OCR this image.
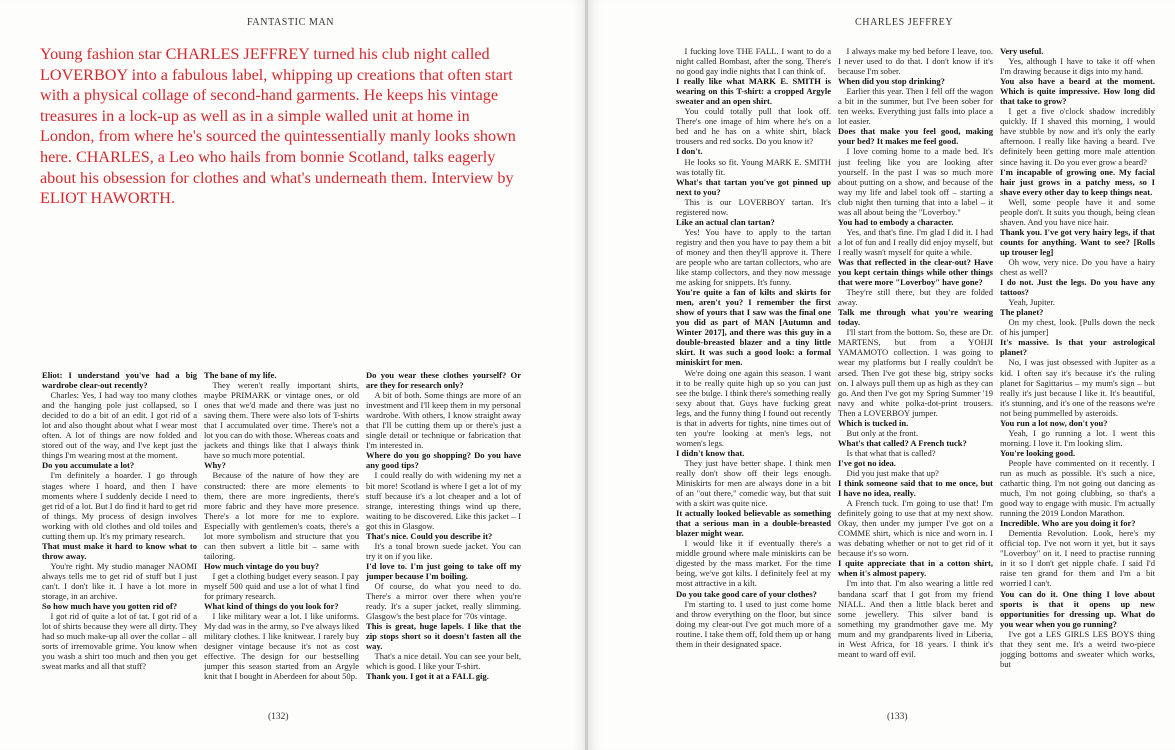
FANTASTIC MAN
Young fashion star CHARLES JEFFREY turned his club night called LOVERBOY into a fabulous label, whipping up creations that often start with a physical collage of second-hand garments. He keeps his vintage treasures in a lock-up as well as in a simple walled unit at home in London, from where he's sourced the quintessentially manly looks shown here. CHARLES, a Leo who hails from bonnie Scotland, talks eagerly about his obsession for clothes and what's underneath them. Interview by ELIOT HAWORTH.

Eliot: I understand you've had a big wardrobe clear-out recently?

Charles: Yes, I had way too many clothes and the hanging pole just collapsed, so I decided to do a bit of an edit. I got rid of a lot and also thought about what I wear most often. A lot of things are now folded and stored out of the way, and I've kept just the things I'm wearing most at the moment.

Do you accumulate a lot?

I'm definitely a hoarder. I go through stages where I hoard, and then I have moments where I suddenly decide I need to get rid of a lot. But I do find it hard to get rid of things. My process of design involves working with old clothes and old toiles and cutting them up. It's my primary research.

That must make it hard to know what to throw away.

You're right. My studio manager NAOMI always tells me to get rid of stuff but I just can't. I don't like it. I have a lot more in storage, in an archive.

So how much have you gotten rid of?

I got rid of quite a lot of tat. I got rid of a lot of shirts because they were all dirty. They had so much make-up all over the collar – all sorts of irremovable grime. You know when you wash a shirt too much and then you get sweat marks and all that stuff?

The bane of my life.

They weren't really important shirts, maybe PRIMARK or vintage ones, or old ones that we'd made and there was just no saving them. There were also lots of T-shirts that I accumulated over time. There's not a lot you can do with those. Whereas coats and jackets and things like that I always think have so much more potential.

Why?

Because of the nature of how they are constructed: there are more elements to them, there are more ingredients, there's more fabric and they have more presence. There's a lot more for me to explore. Especially with gentlemen's coats, there's a lot more symbolism and structure that you can then subvert a little bit – same with tailoring.

How much vintage do you buy?

I get a clothing budget every season. I pay myself 500 quid and use a lot of what I find for primary research.

What kind of things do you look for?

I like military wear a lot. I like uniforms. My dad was in the army, so I've always liked military clothes. I like knitwear. I rarely buy designer vintage because it's not as cost effective. The design for our bestselling jumper this season started from an Argyle knit that I bought in Aberdeen for about 50p.

Do you wear these clothes yourself? Or are they for research only?

A bit of both. Some things are more of an investment and I'll keep them in my personal wardrobe. With others, I know straight away that I'll be cutting them up or there's just a single detail or technique or fabrication that I'm interested in.

Where do you go shopping? Do you have any good tips?

I could really do with widening my net a bit more! Scotland is where I get a lot of my stuff because it's a lot cheaper and a lot of strange, interesting things wind up there, waiting to be discovered. Like this jacket – I got this in Glasgow.

That's nice. Could you describe it?

It's a tonal brown suede jacket. You can try it on if you like.

I'd love to. I'm just going to take off my jumper because I'm boiling.

Of course, do what you need to do. There's a mirror over there when you're ready. It's a super jacket, really slimming. Glasgow's the best place for '70s vintage.

This is great, huge lapels. I like that the zip stops short so it doesn't fasten all the way.

That's a nice detail. You can see your belt, which is good. I like your T-shirt.

Thank you. I got it at a FALL gig.

(132)
CHARLES JEFFREY

I fucking love THE FALL. I want to do a night called Bombast, after the song. There's no good gay indie nights that I can think of.

I really like what MARK E. SMITH is wearing on this T-shirt: a cropped Argyle sweater and an open shirt.

You could totally pull that look off. There's one image of him where he's on a bed and he has on a white shirt, black trousers and red socks. Do you know it?

I don't.

He looks so fit. Young MARK E. SMITH was totally fit.

What's that tartan you've got pinned up next to you?

This is our LOVERBOY tartan. It's registered now.

Like an actual clan tartan?

Yes! You have to apply to the tartan registry and then you have to pay them a bit of money and then they'll approve it. There are people who are tartan collectors, who are like stamp collectors, and they now message me asking for snippets. It's funny.

You're quite a fan of kilts and skirts for men, aren't you? I remember the first show of yours that I saw was the final one you did as part of MAN [Autumn and Winter 2017], and there was this guy in a double-breasted blazer and a tiny little skirt. It was such a good look: a formal miniskirt for men.

We're doing one again this season. I want it to be really quite high up so you can just see the bulge. I think there's something really sexy about that. Guys have fucking great legs, and the funny thing I found out recently is that in adverts for tights, nine times out of ten you're looking at men's legs, not women's legs.

I didn't know that.

They just have better shape. I think men really don't show off their legs enough. Miniskirts for men are always done in a bit of an "out there," comedic way, but that suit with a skirt was quite nice.

It actually looked believable as something that a serious man in a double-breasted blazer might wear.

I would like it if eventually there's a middle ground where male miniskirts can be digested by the mass market. For the time being, we've got kilts. I definitely feel at my most attractive in a kilt.

Do you take good care of your clothes?

I'm starting to. I used to just come home and throw everything on the floor, but since doing my clear-out I've got much more of a routine. I take them off, fold them up or hang them in their designated space.

I always make my bed before I leave, too. I never used to do that. I don't know if it's because I'm sober.

When did you stop drinking?

Earlier this year. Then I fell off the wagon a bit in the summer, but I've been sober for ten weeks. Everything just falls into place a lot easier.

Does that make you feel good, making your bed? It makes me feel good.

I love coming home to a made bed. It's just feeling like you are looking after yourself. In the past I was so much more about putting on a show, and because of the way my life and label took off – starting a club night then turning that into a label – it was all about being the "Loverboy."

You had to embody a character.

Yes, and that's fine. I'm glad I did it. I had a lot of fun and I really did enjoy myself, but I really wasn't myself for quite a while.

Was that reflected in the clear-out? Have you kept certain things while other things that were more "Loverboy" have gone?

They're still there, but they are folded away.

Talk me through what you're wearing today.

I'll start from the bottom. So, these are Dr. MARTENS, but from a YOHJI YAMAMOTO collection. I was going to wear my platforms but I really couldn't be arsed. Then I've got these big, stripy socks on. I always pull them up as high as they can go. And then I've got my Spring Summer '19 navy and white polka-dot-print trousers. Then a LOVERBOY jumper.

Which is tucked in.

But only at the front.

What's that called? A French tuck?

Is that what that is called?

I've got no idea.

Did you just make that up?

I think someone said that to me once, but I have no idea, really.

A French tuck. I'm going to use that! I'm definitely going to use that at my next show. Okay, then under my jumper I've got on a COMME shirt, which is nice and worn in. I was debating whether or not to get rid of it because it's so worn.

I quite appreciate that in a cotton shirt, when it's almost papery.

I'm into that. I'm also wearing a little red bandana scarf that I got from my friend NIALL. And then a little black beret and some jewellery. This silver band is something my grandmother gave me. My mum and my grandparents lived in Liberia, in West Africa, for 18 years. I think it's meant to ward off evil.

Very useful.

Yes, although I have to take it off when I'm drawing because it digs into my hand.

You also have a beard at the moment. Which is quite impressive. How long did that take to grow?

I get a five o'clock shadow incredibly quickly. If I shaved this morning, I would have stubble by now and it's only the early afternoon. I really like having a beard. I've definitely been getting more male attention since having it. Do you ever grow a beard?

I'm incapable of growing one. My facial hair just grows in a patchy mess, so I shave every other day to keep things neat.

Well, some people have it and some people don't. It suits you though, being clean shaven. And you have nice hair.

Thank you. I've got very hairy legs, if that counts for anything. Want to see? [Rolls up trouser leg]

Oh wow, very nice. Do you have a hairy chest as well?

I do not. Just the legs. Do you have any tattoos?

Yeah, Jupiter.

The planet?

On my chest, look. [Pulls down the neck of his jumper]

It's massive. Is that your astrological planet?

No, I was just obsessed with Jupiter as a kid. I often say it's because it's the ruling planet for Sagittarius – my mum's sign – but really it's just because I like it. It's beautiful, it's stunning, and it's one of the reasons we're not being pummelled by asteroids.

You run a lot now, don't you?

Yeah, I go running a lot. I went this morning. I love it. I'm looking slim.

You're looking good.

People have commented on it recently. I run as much as possible. It's such a nice, cathartic thing. I'm not going out dancing as much, I'm not going clubbing, so that's a good way to engage with music. I'm actually running the 2019 London Marathon.

Incredible. Who are you doing it for?

Dementia Revolution. Look, here's my official top. I've not worn it yet, but it says "Loverboy" on it. I need to practise running in it so I don't get nipple chafe. I said I'd raise ten grand for them and I'm a bit worried I can't.

You can do it. One thing I love about sports is that it opens up new opportunities for dressing up. What do you wear when you go running?

I've got a LES GIRLS LES BOYS thing that they sent me. It's a weird two-piece jogging bottoms and sweater which works, but

(133)
